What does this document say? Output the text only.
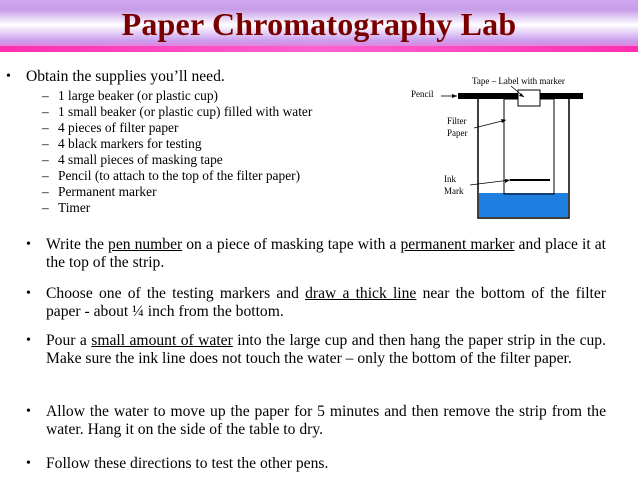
Paper Chromatography Lab
• Obtain the supplies you’ll need.
– 1 large beaker (or plastic cup)
– 1 small beaker (or plastic cup) filled with water
– 4 pieces of filter paper
– 4 black markers for testing
– 4 small pieces of masking tape
– Pencil (to attach to the top of the filter paper)
– Permanent marker
– Timer
Tape – Label with marker
Pencil
Filter
Paper
Ink
Mark
• Write the pen number on a piece of masking tape with a permanent marker and place it at the top of the strip.
• Choose one of the testing markers and draw a thick line near the bottom of the filter paper - about ¼ inch from the bottom.
• Pour a small amount of water into the large cup and then hang the paper strip in the cup. Make sure the ink line does not touch the water – only the bottom of the filter paper.
• Allow the water to move up the paper for 5 minutes and then remove the strip from the water. Hang it on the side of the table to dry.
• Follow these directions to test the other pens.
